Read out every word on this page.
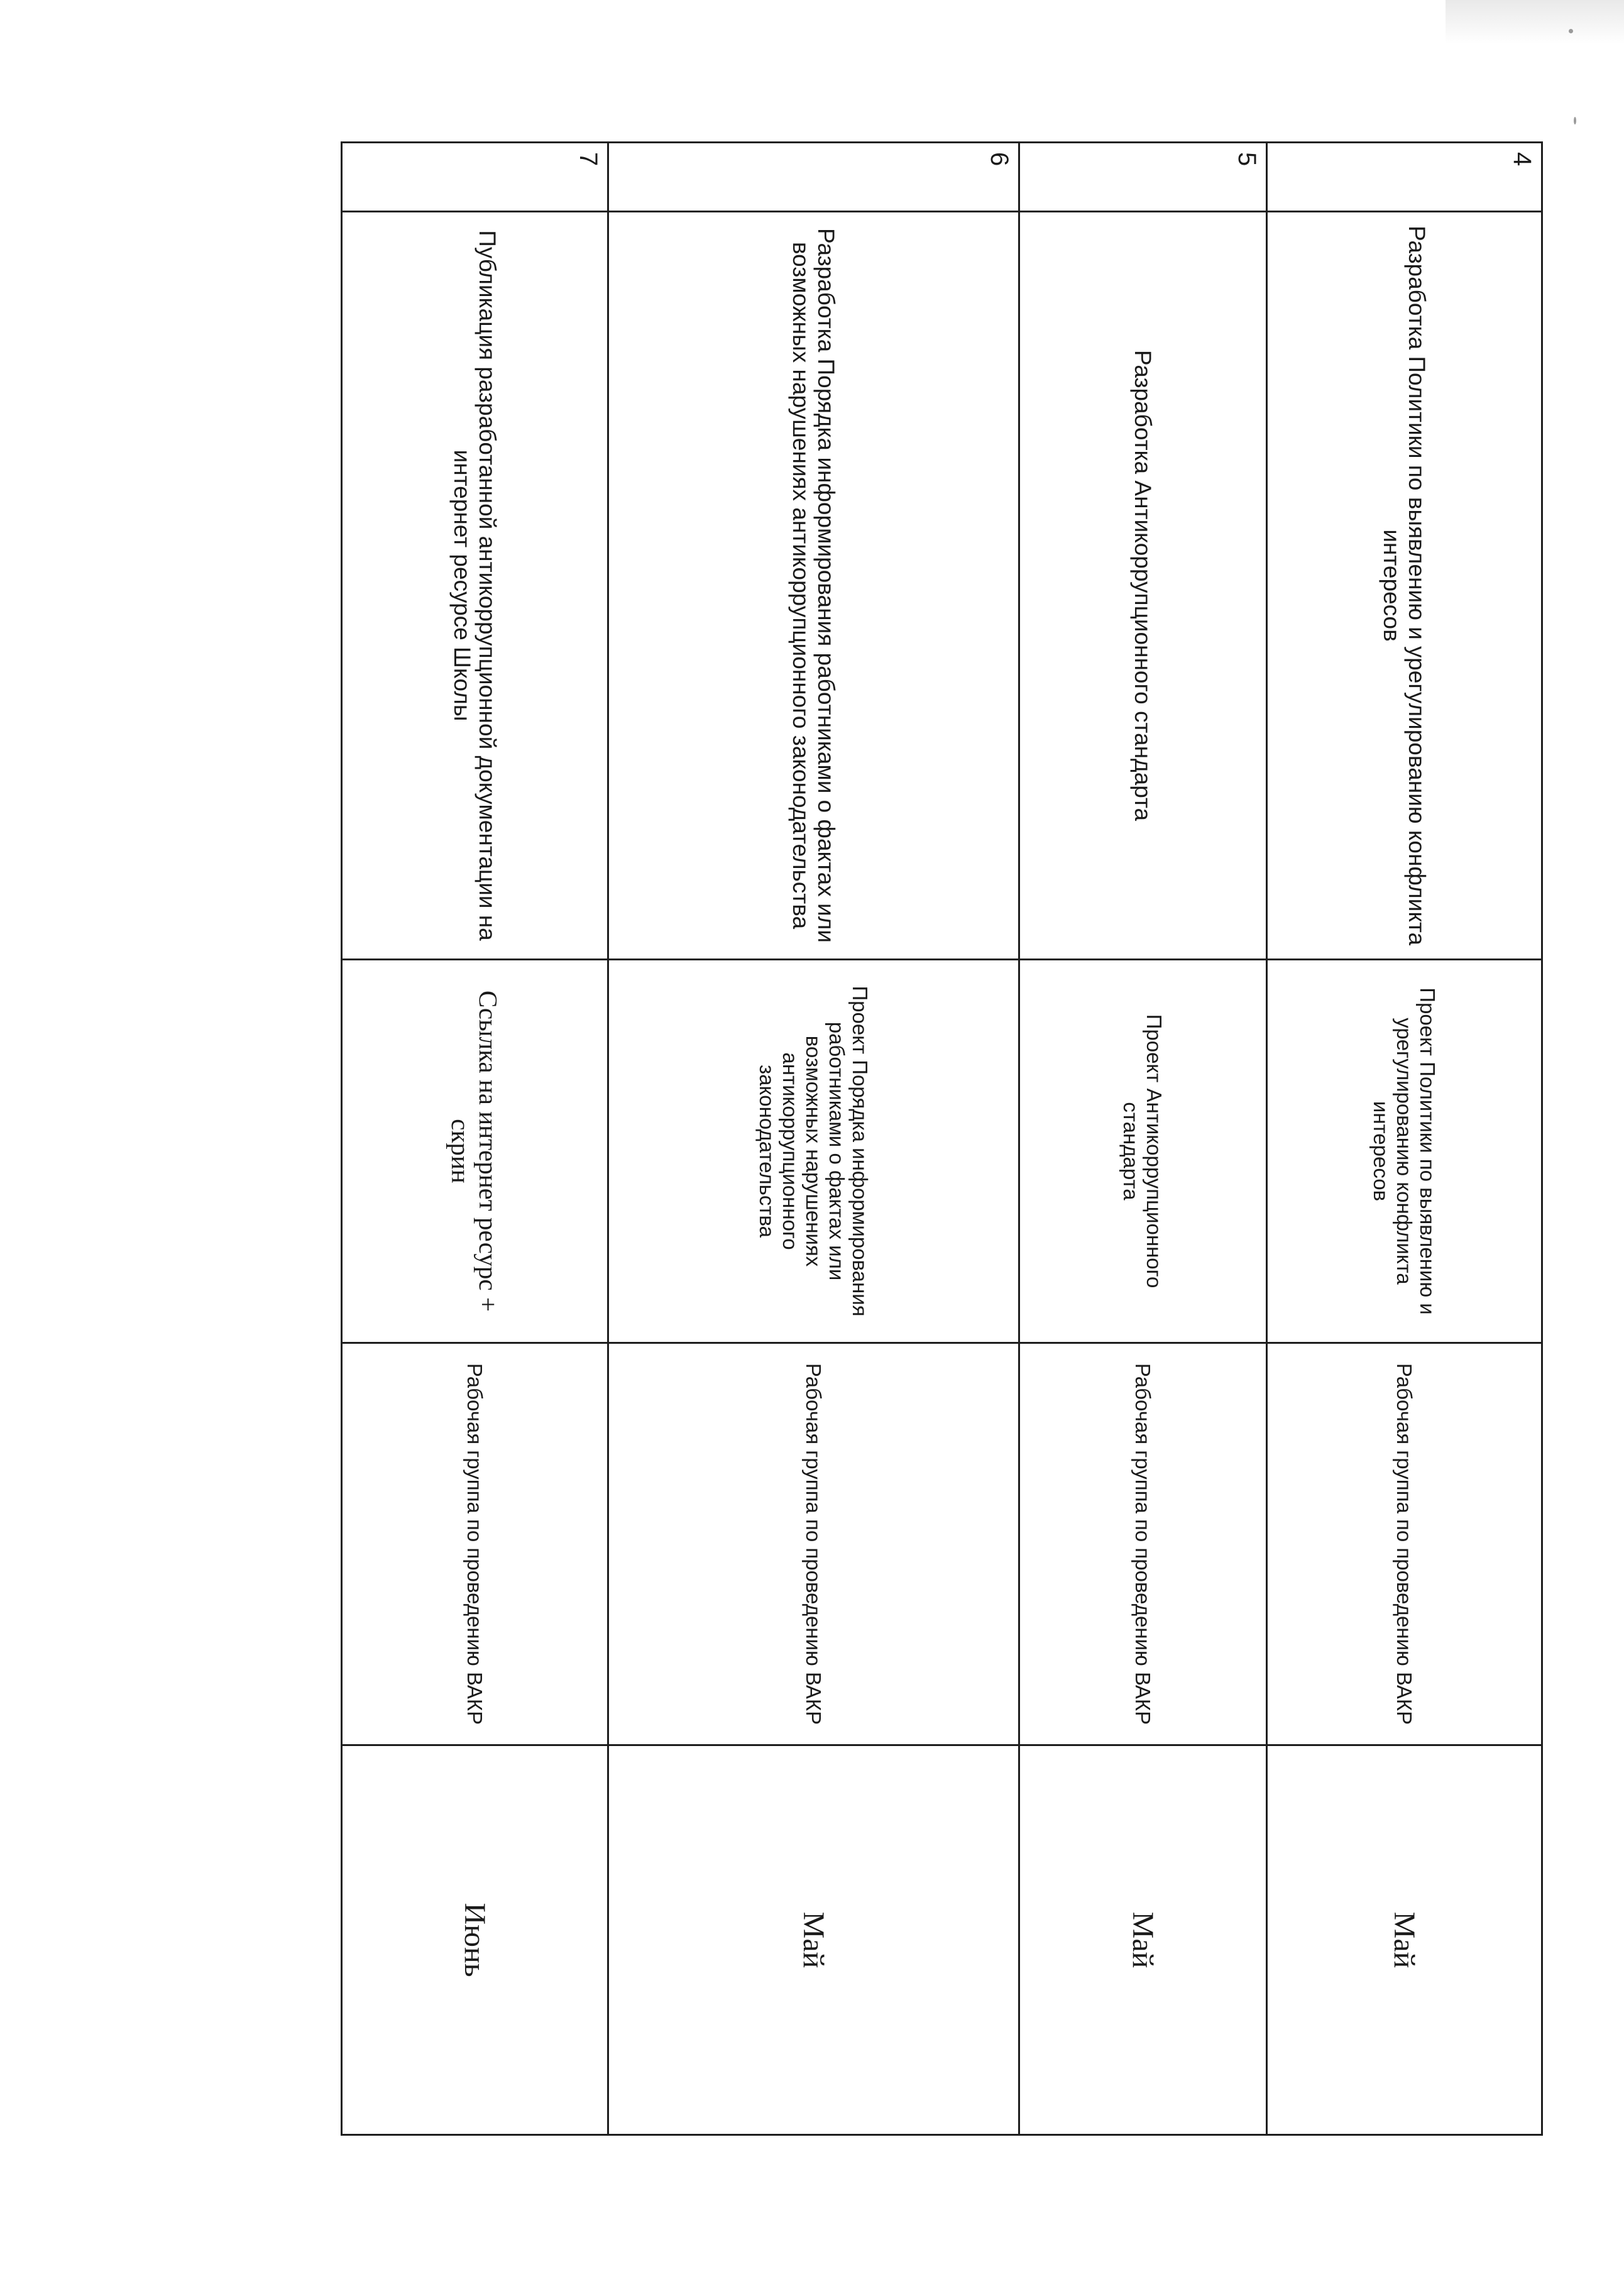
4	Разработка Политики по выявлению и урегулированию конфликта интересов	Проект Политики по выявлению и урегулированию конфликта интересов	Рабочая группа по проведению ВАКР	Май
5	Разработка Антикоррупционного стандарта	Проект Антикоррупционного стандарта	Рабочая группа по проведению ВАКР	Май
6	Разработка Порядка информирования работниками о фактах или возможных нарушениях антикоррупционного законодательства	Проект Порядка информирования работниками о фактах или возможных нарушениях антикоррупционного законодательства	Рабочая группа по проведению ВАКР	Май
7	Публикация разработанной антикоррупционной документации на интернет ресурсе Школы	Ссылка на интернет ресурс + скрин	Рабочая группа по проведению ВАКР	Июнь
